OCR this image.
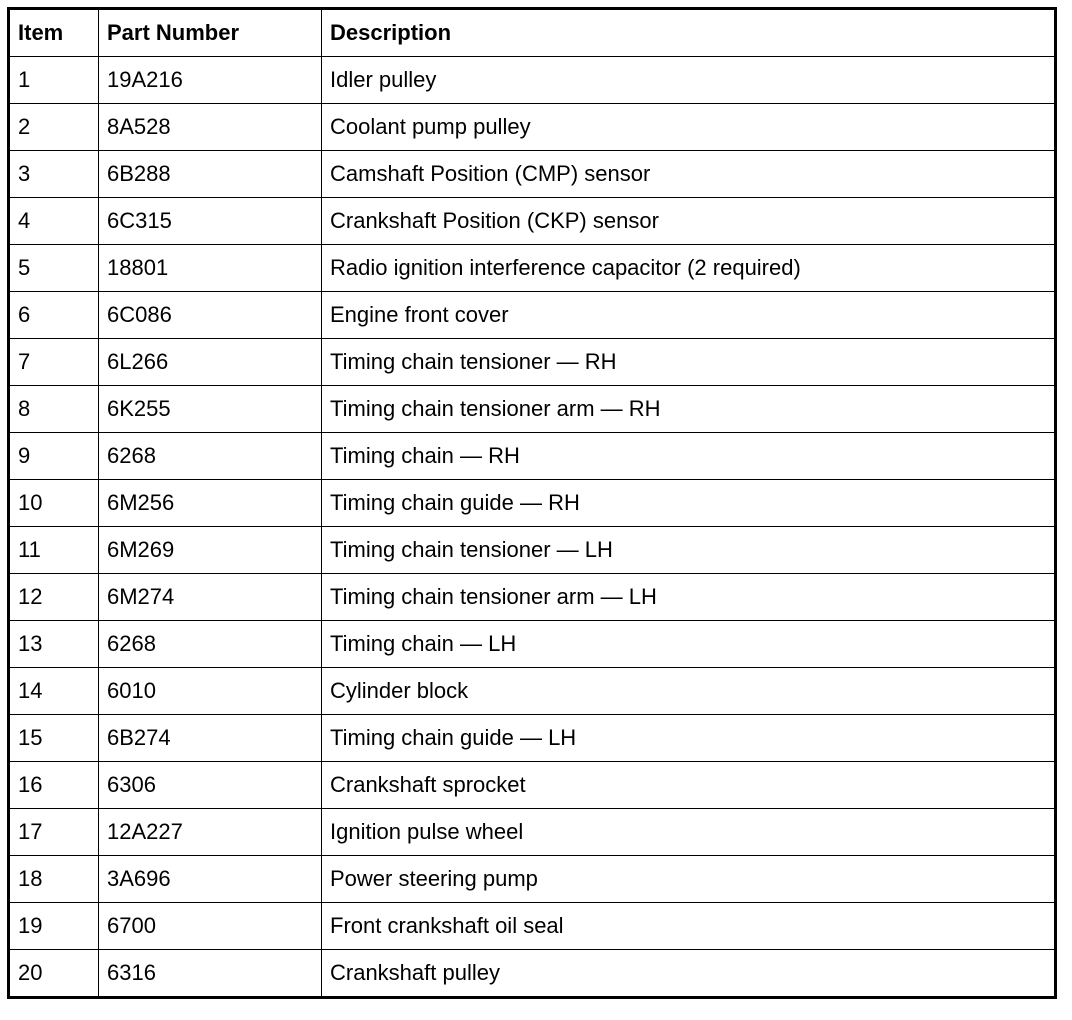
Item	Part Number	Description
1	19A216	Idler pulley
2	8A528	Coolant pump pulley
3	6B288	Camshaft Position (CMP) sensor
4	6C315	Crankshaft Position (CKP) sensor
5	18801	Radio ignition interference capacitor (2 required)
6	6C086	Engine front cover
7	6L266	Timing chain tensioner — RH
8	6K255	Timing chain tensioner arm — RH
9	6268	Timing chain — RH
10	6M256	Timing chain guide — RH
11	6M269	Timing chain tensioner — LH
12	6M274	Timing chain tensioner arm — LH
13	6268	Timing chain — LH
14	6010	Cylinder block
15	6B274	Timing chain guide — LH
16	6306	Crankshaft sprocket
17	12A227	Ignition pulse wheel
18	3A696	Power steering pump
19	6700	Front crankshaft oil seal
20	6316	Crankshaft pulley
